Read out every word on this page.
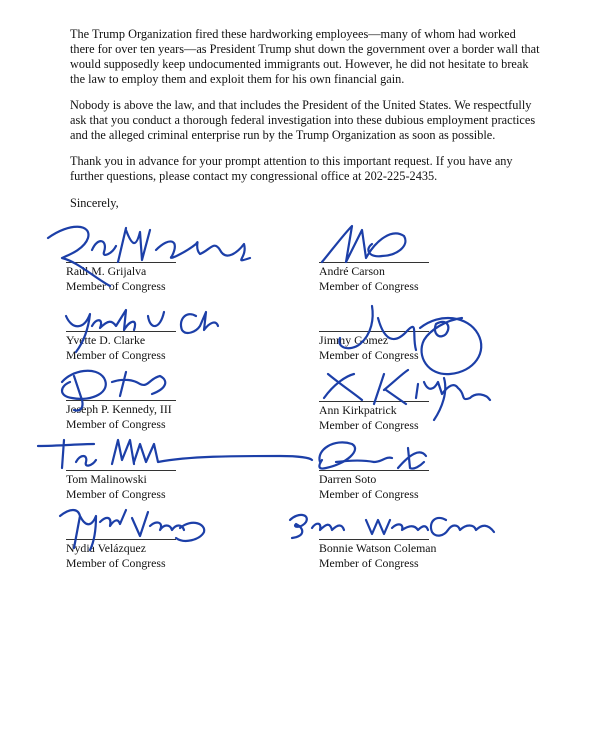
The Trump Organization fired these hardworking employees—many of whom had worked there for over ten years—as President Trump shut down the government over a border wall that would supposedly keep undocumented immigrants out. However, he did not hesitate to break the law to employ them and exploit them for his own financial gain.

Nobody is above the law, and that includes the President of the United States. We respectfully ask that you conduct a thorough federal investigation into these dubious employment practices and the alleged criminal enterprise run by the Trump Organization as soon as possible.

Thank you in advance for your prompt attention to this important request. If you have any further questions, please contact my congressional office at 202-225-2435.

Sincerely,
Raúl M. Grijalva
Member of Congress
Yvette D. Clarke
Member of Congress
Joseph P. Kennedy, III
Member of Congress
Tom Malinowski
Member of Congress
Nydia Velázquez
Member of Congress
André Carson
Member of Congress
Jimmy Gomez
Member of Congress
Ann Kirkpatrick
Member of Congress
Darren Soto
Member of Congress
Bonnie Watson Coleman
Member of Congress
